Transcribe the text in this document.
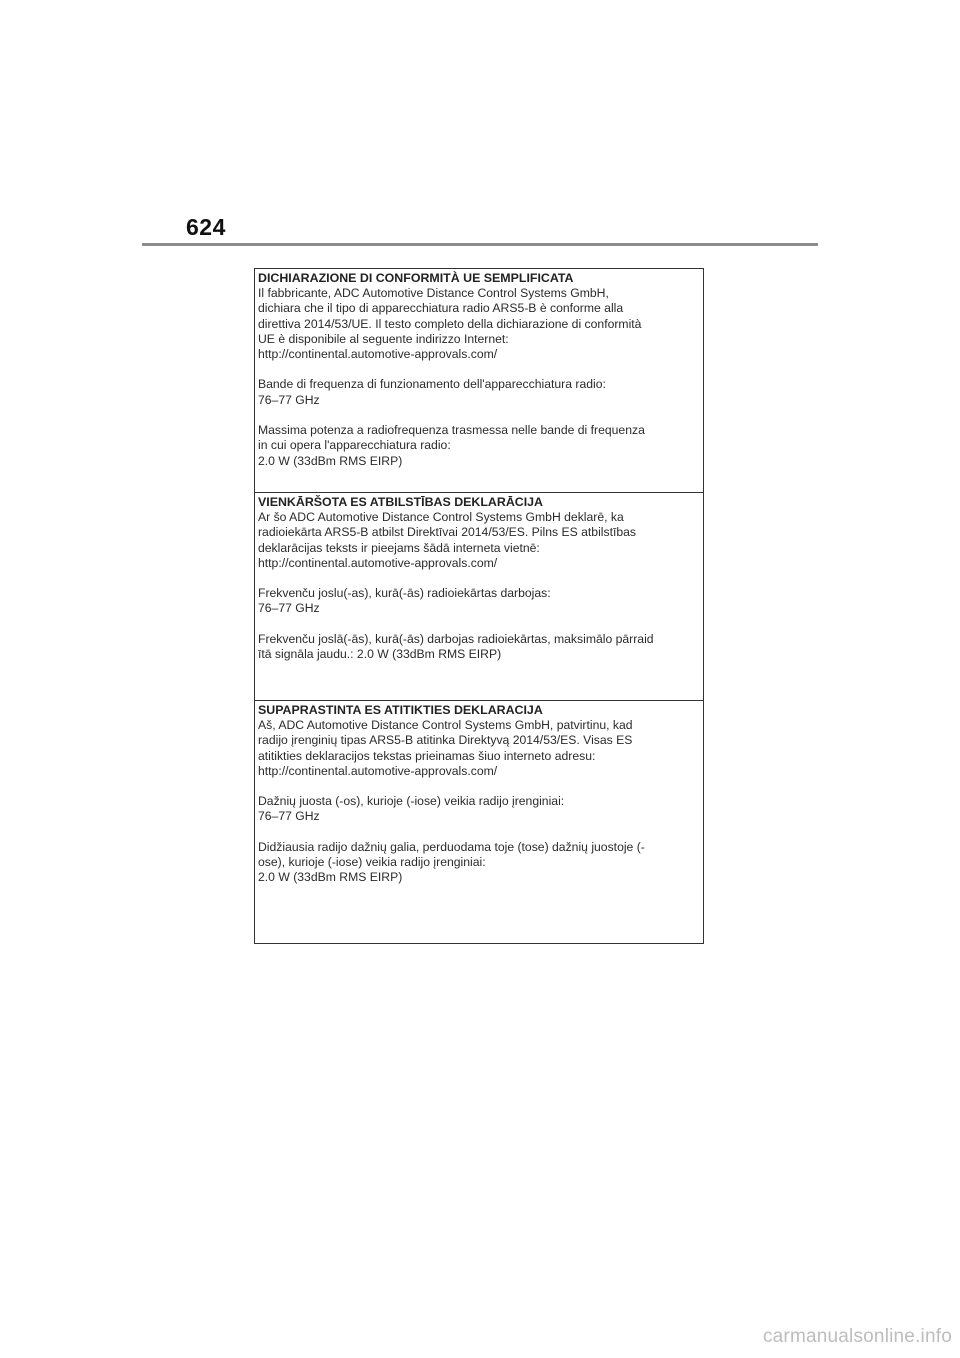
624
DICHIARAZIONE DI CONFORMITÀ UE SEMPLIFICATA
Il fabbricante, ADC Automotive Distance Control Systems GmbH,
dichiara che il tipo di apparecchiatura radio ARS5-B è conforme alla
direttiva 2014/53/UE. Il testo completo della dichiarazione di conformità
UE è disponibile al seguente indirizzo Internet:
http://continental.automotive-approvals.com/
Bande di frequenza di funzionamento dell'apparecchiatura radio:
76–77 GHz
Massima potenza a radiofrequenza trasmessa nelle bande di frequenza
in cui opera l'apparecchiatura radio:
2.0 W (33dBm RMS EIRP)
VIENKĀRŠOTA ES ATBILSTĪBAS DEKLARĀCIJA
Ar šo ADC Automotive Distance Control Systems GmbH deklarē, ka
radioiekārta ARS5-B atbilst Direktīvai 2014/53/ES. Pilns ES atbilstības
deklarācijas teksts ir pieejams šādā interneta vietnē:
http://continental.automotive-approvals.com/
Frekvenču joslu(-as), kurā(-ās) radioiekārtas darbojas:
76–77 GHz
Frekvenču joslā(-ās), kurā(-ās) darbojas radioiekārtas, maksimālo pārraid
ītā signāla jaudu.: 2.0 W (33dBm RMS EIRP)
SUPAPRASTINTA ES ATITIKTIES DEKLARACIJA
Aš, ADC Automotive Distance Control Systems GmbH, patvirtinu, kad
radijo įrenginių tipas ARS5-B atitinka Direktyvą 2014/53/ES. Visas ES
atitikties deklaracijos tekstas prieinamas šiuo interneto adresu:
http://continental.automotive-approvals.com/
Dažnių juosta (-os), kurioje (-iose) veikia radijo įrenginiai:
76–77 GHz
Didžiausia radijo dažnių galia, perduodama toje (tose) dažnių juostoje (-
ose), kurioje (-iose) veikia radijo įrenginiai:
2.0 W (33dBm RMS EIRP)
carmanualsonline.info
